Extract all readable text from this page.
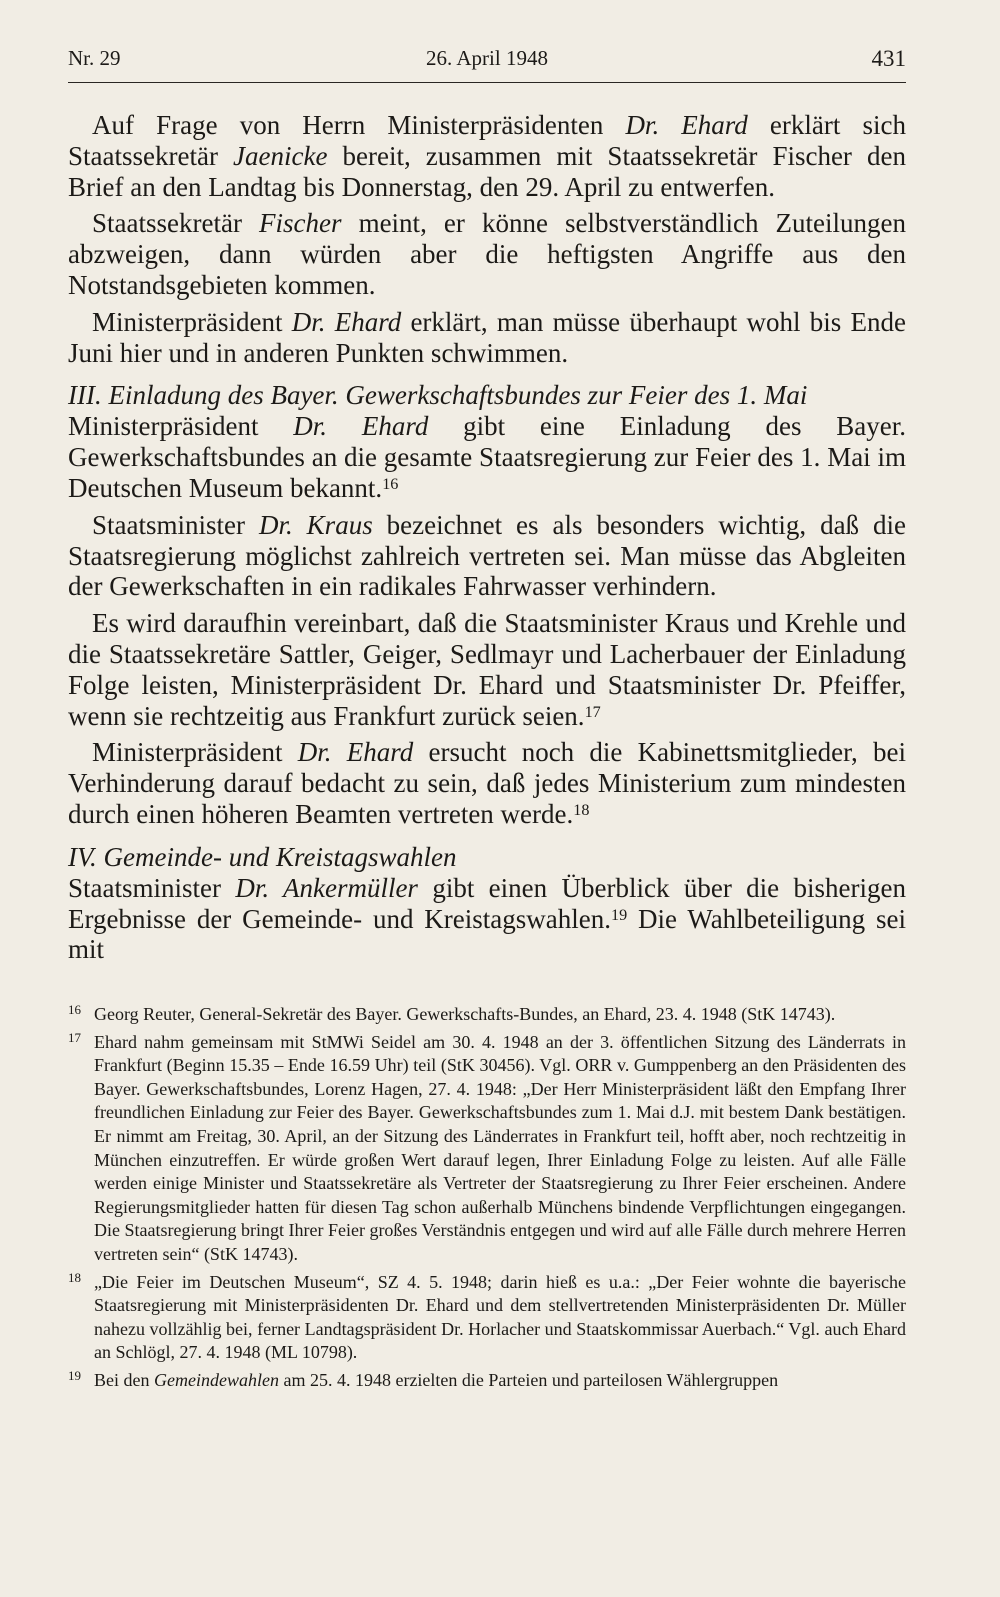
Nr. 29	26. April 1948	431

Auf Frage von Herrn Ministerpräsidenten Dr. Ehard erklärt sich Staatssekretär Jaenicke bereit, zusammen mit Staatssekretär Fischer den Brief an den Landtag bis Donnerstag, den 29. April zu entwerfen.

Staatssekretär Fischer meint, er könne selbstverständlich Zuteilungen abzweigen, dann würden aber die heftigsten Angriffe aus den Notstandsgebieten kommen.

Ministerpräsident Dr. Ehard erklärt, man müsse überhaupt wohl bis Ende Juni hier und in anderen Punkten schwimmen.

III. Einladung des Bayer. Gewerkschaftsbundes zur Feier des 1. Mai

Ministerpräsident Dr. Ehard gibt eine Einladung des Bayer. Gewerkschaftsbundes an die gesamte Staatsregierung zur Feier des 1. Mai im Deutschen Museum bekannt.$^{16}$

Staatsminister Dr. Kraus bezeichnet es als besonders wichtig, daß die Staatsregierung möglichst zahlreich vertreten sei. Man müsse das Abgleiten der Gewerkschaften in ein radikales Fahrwasser verhindern.

Es wird daraufhin vereinbart, daß die Staatsminister Kraus und Krehle und die Staatssekretäre Sattler, Geiger, Sedlmayr und Lacherbauer der Einladung Folge leisten, Ministerpräsident Dr. Ehard und Staatsminister Dr. Pfeiffer, wenn sie rechtzeitig aus Frankfurt zurück seien.$^{17}$

Ministerpräsident Dr. Ehard ersucht noch die Kabinettsmitglieder, bei Verhinderung darauf bedacht zu sein, daß jedes Ministerium zum mindesten durch einen höheren Beamten vertreten werde.$^{18}$

IV. Gemeinde- und Kreistagswahlen

Staatsminister Dr. Ankermüller gibt einen Überblick über die bisherigen Ergebnisse der Gemeinde- und Kreistagswahlen.$^{19}$ Die Wahlbeteiligung sei mit

16 Georg Reuter, General-Sekretär des Bayer. Gewerkschafts-Bundes, an Ehard, 23. 4. 1948 (StK 14743).
17 Ehard nahm gemeinsam mit StMWi Seidel am 30. 4. 1948 an der 3. öffentlichen Sitzung des Länderrats in Frankfurt (Beginn 15.35 – Ende 16.59 Uhr) teil (StK 30456). Vgl. ORR v. Gumppenberg an den Präsidenten des Bayer. Gewerkschaftsbundes, Lorenz Hagen, 27. 4. 1948: „Der Herr Ministerpräsident läßt den Empfang Ihrer freundlichen Einladung zur Feier des Bayer. Gewerkschaftsbundes zum 1. Mai d.J. mit bestem Dank bestätigen. Er nimmt am Freitag, 30. April, an der Sitzung des Länderrates in Frankfurt teil, hofft aber, noch rechtzeitig in München einzutreffen. Er würde großen Wert darauf legen, Ihrer Einladung Folge zu leisten. Auf alle Fälle werden einige Minister und Staatssekretäre als Vertreter der Staatsregierung zu Ihrer Feier erscheinen. Andere Regierungsmitglieder hatten für diesen Tag schon außerhalb Münchens bindende Verpflichtungen eingegangen. Die Staatsregierung bringt Ihrer Feier großes Verständnis entgegen und wird auf alle Fälle durch mehrere Herren vertreten sein“ (StK 14743).
18 „Die Feier im Deutschen Museum“, SZ 4. 5. 1948; darin hieß es u.a.: „Der Feier wohnte die bayerische Staatsregierung mit Ministerpräsidenten Dr. Ehard und dem stellvertretenden Ministerpräsidenten Dr. Müller nahezu vollzählig bei, ferner Landtagspräsident Dr. Horlacher und Staatskommissar Auerbach.“ Vgl. auch Ehard an Schlögl, 27. 4. 1948 (ML 10798).
19 Bei den Gemeindewahlen am 25. 4. 1948 erzielten die Parteien und parteilosen Wählergruppen
